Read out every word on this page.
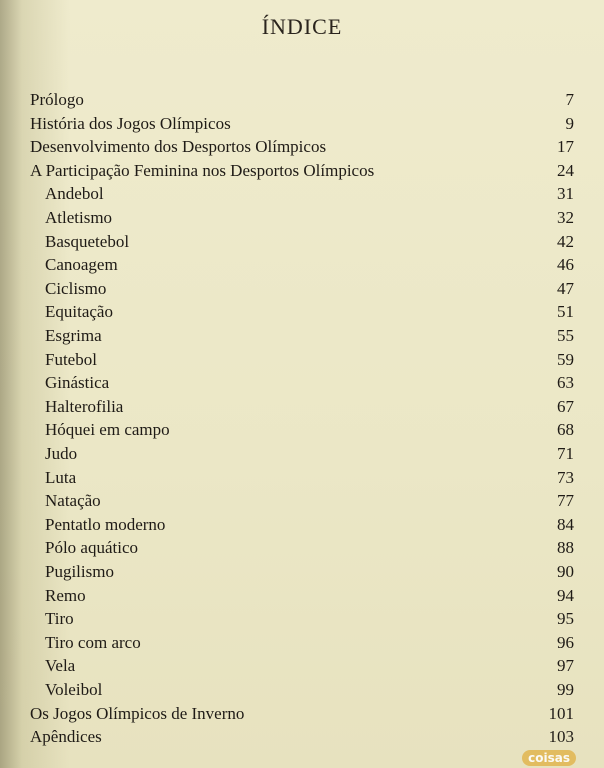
ÍNDICE
Prólogo	7
História dos Jogos Olímpicos	9
Desenvolvimento dos Desportos Olímpicos	17
A Participação Feminina nos Desportos Olímpicos	24
Andebol	31
Atletismo	32
Basquetebol	42
Canoagem	46
Ciclismo	47
Equitação	51
Esgrima	55
Futebol	59
Ginástica	63
Halterofilia	67
Hóquei em campo	68
Judo	71
Luta	73
Natação	77
Pentatlo moderno	84
Pólo aquático	88
Pugilismo	90
Remo	94
Tiro	95
Tiro com arco	96
Vela	97
Voleibol	99
Os Jogos Olímpicos de Inverno	101
Apêndices	103
coisas
